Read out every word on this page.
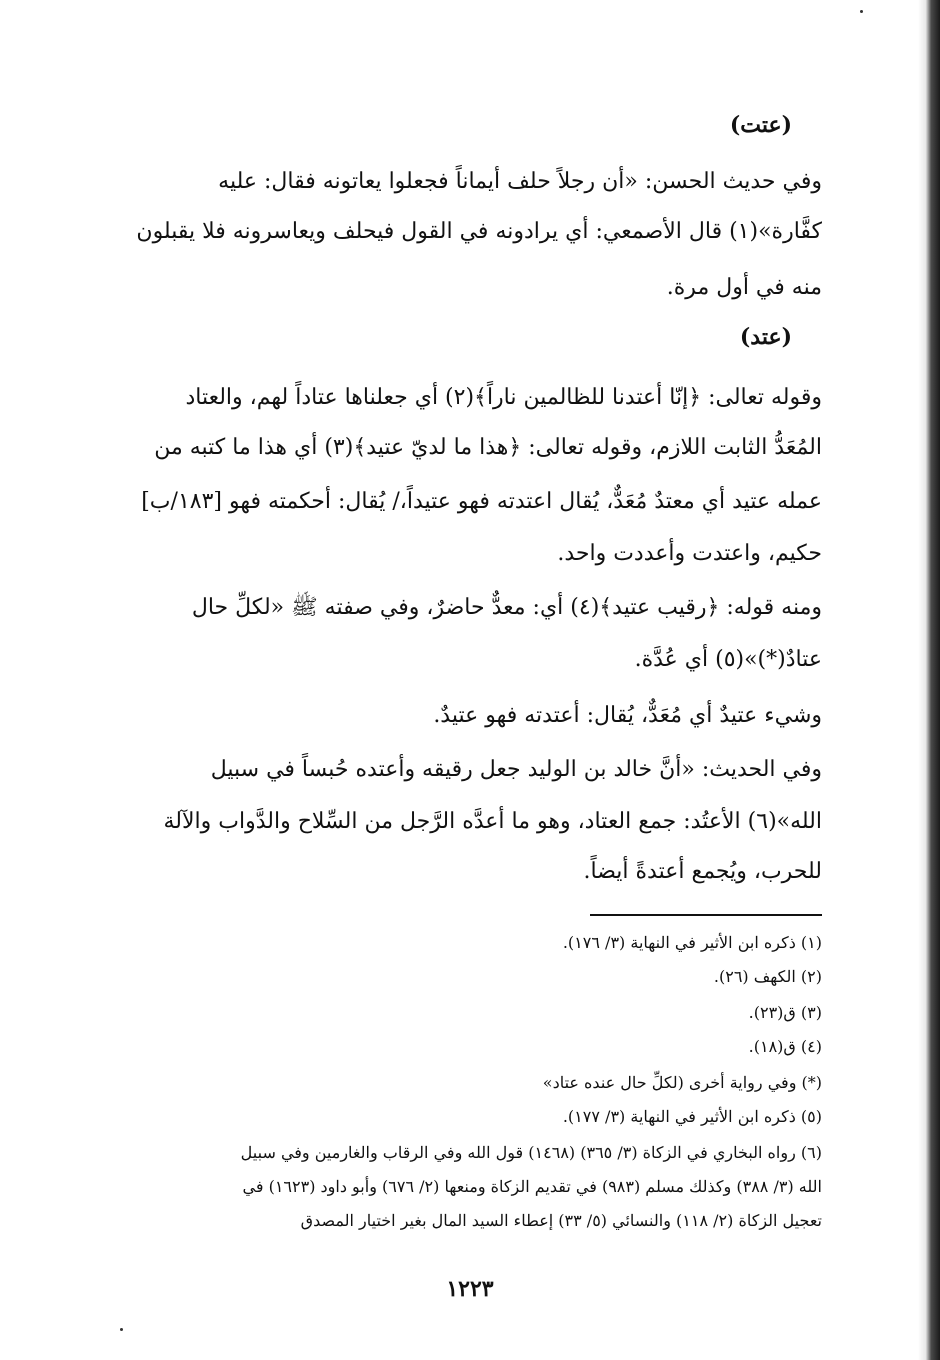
(عتت)
وفي حديث الحسن: «أن رجلاً حلف أيماناً فجعلوا يعاتونه فقال: عليه
كفَّارة»(١) قال الأصمعي: أي يرادونه في القول فيحلف ويعاسرونه فلا يقبلون
منه في أول مرة.
(عتد)
وقوله تعالى: ﴿إنّا أعتدنا للظالمين ناراً﴾(٢) أي جعلناها عتاداً لهم، والعتاد
المُعَدُّ الثابت اللازم، وقوله تعالى: ﴿هذا ما لديّ عتيد﴾(٣) أي هذا ما كتبه من
عمله عتيد أي معتدٌ مُعَدٌّ، يُقال اعتدته فهو عتيداً،/ يُقال: أحكمته فهو [١٨٣/ب]
حكيم، واعتدت وأعددت واحد.
ومنه قوله: ﴿رقيب عتيد﴾(٤) أي: معدٌّ حاضرٌ، وفي صفته ﷺ «لكلِّ حال
عتادٌ(*)»(٥) أي عُدَّة.
وشيء عتيدٌ أي مُعَدٌّ، يُقال: أعتدته فهو عتيدٌ.
وفي الحديث: «أنَّ خالد بن الوليد جعل رقيقه وأعتده حُبساً في سبيل
الله»(٦) الأعتُد: جمع العتاد، وهو ما أعدَّه الرَّجل من السِّلاح والدَّواب والآلة
للحرب، ويُجمع أعتدةً أيضاً.
(١) ذكره ابن الأثير في النهاية (٣/ ١٧٦).
(٢) الكهف (٢٦).
(٣) ق(٢٣).
(٤) ق(١٨).
(*) وفي رواية أخرى (لكلِّ حال عنده عتاد»
(٥) ذكره ابن الأثير في النهاية (٣/ ١٧٧).
(٦) رواه البخاري في الزكاة (٣/ ٣٦٥) (١٤٦٨) قول الله وفي الرقاب والغارمين وفي سبيل
الله (٣/ ٣٨٨) وكذلك مسلم (٩٨٣) في تقديم الزكاة ومنعها (٢/ ٦٧٦) وأبو داود (١٦٢٣) في
تعجيل الزكاة (٢/ ١١٨) والنسائي (٥/ ٣٣) إعطاء السيد المال بغير اختيار المصدق
١٢٢٣
